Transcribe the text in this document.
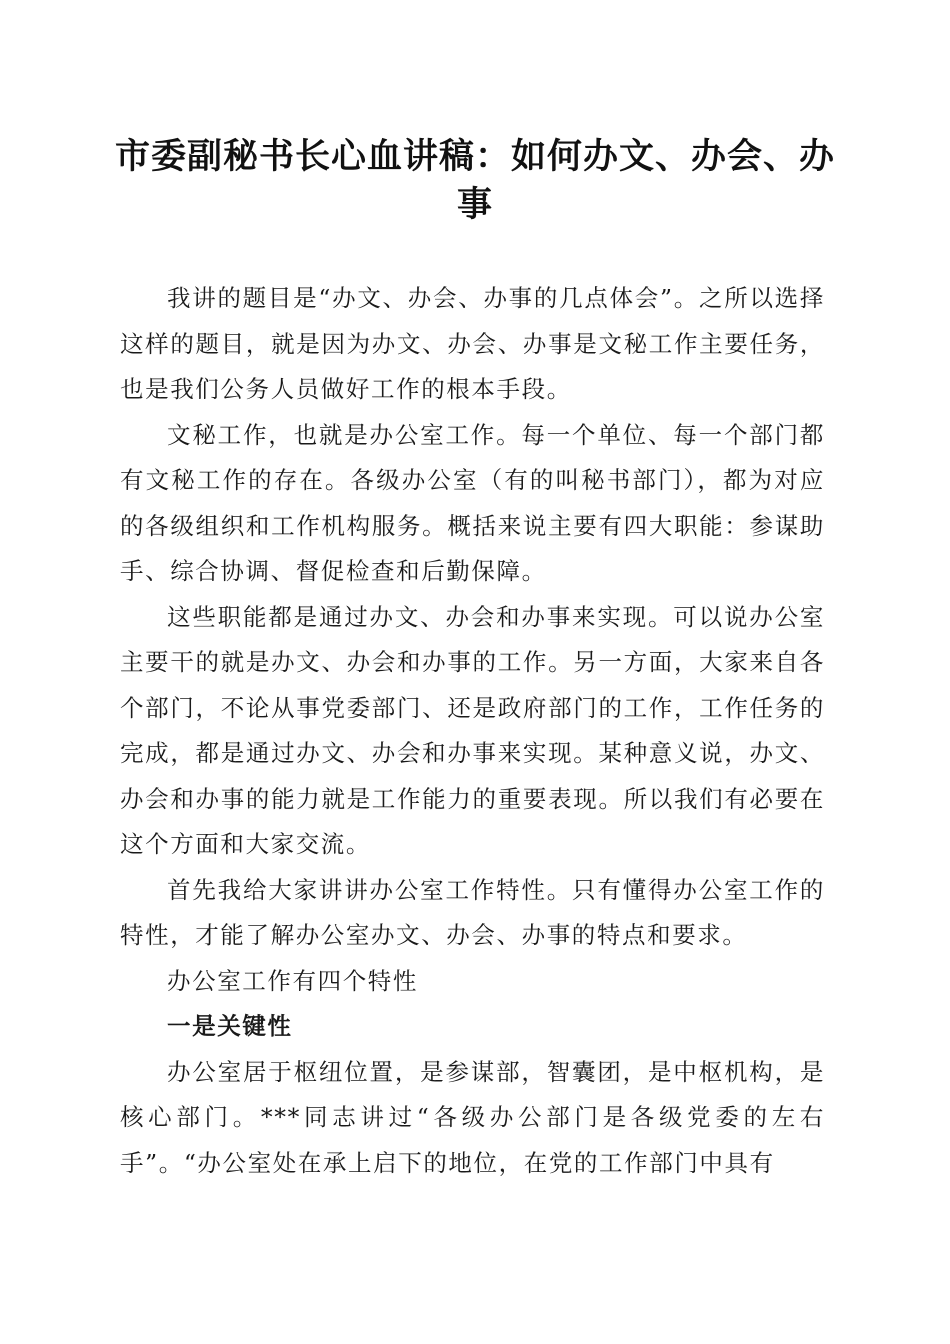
市委副秘书长心血讲稿：如何办文、办会、办事

我讲的题目是“办文、办会、办事的几点体会”。之所以选择这样的题目，就是因为办文、办会、办事是文秘工作主要任务，也是我们公务人员做好工作的根本手段。

文秘工作，也就是办公室工作。每一个单位、每一个部门都有文秘工作的存在。各级办公室（有的叫秘书部门），都为对应的各级组织和工作机构服务。概括来说主要有四大职能：参谋助手、综合协调、督促检查和后勤保障。

这些职能都是通过办文、办会和办事来实现。可以说办公室主要干的就是办文、办会和办事的工作。另一方面，大家来自各个部门，不论从事党委部门、还是政府部门的工作，工作任务的完成，都是通过办文、办会和办事来实现。某种意义说，办文、办会和办事的能力就是工作能力的重要表现。所以我们有必要在这个方面和大家交流。

首先我给大家讲讲办公室工作特性。只有懂得办公室工作的特性，才能了解办公室办文、办会、办事的特点和要求。

办公室工作有四个特性

一是关键性

办公室居于枢纽位置，是参谋部，智囊团，是中枢机构，是核心部门。***同志讲过“各级办公部门是各级党委的左右手”。“办公室处在承上启下的地位，在党的工作部门中具有
